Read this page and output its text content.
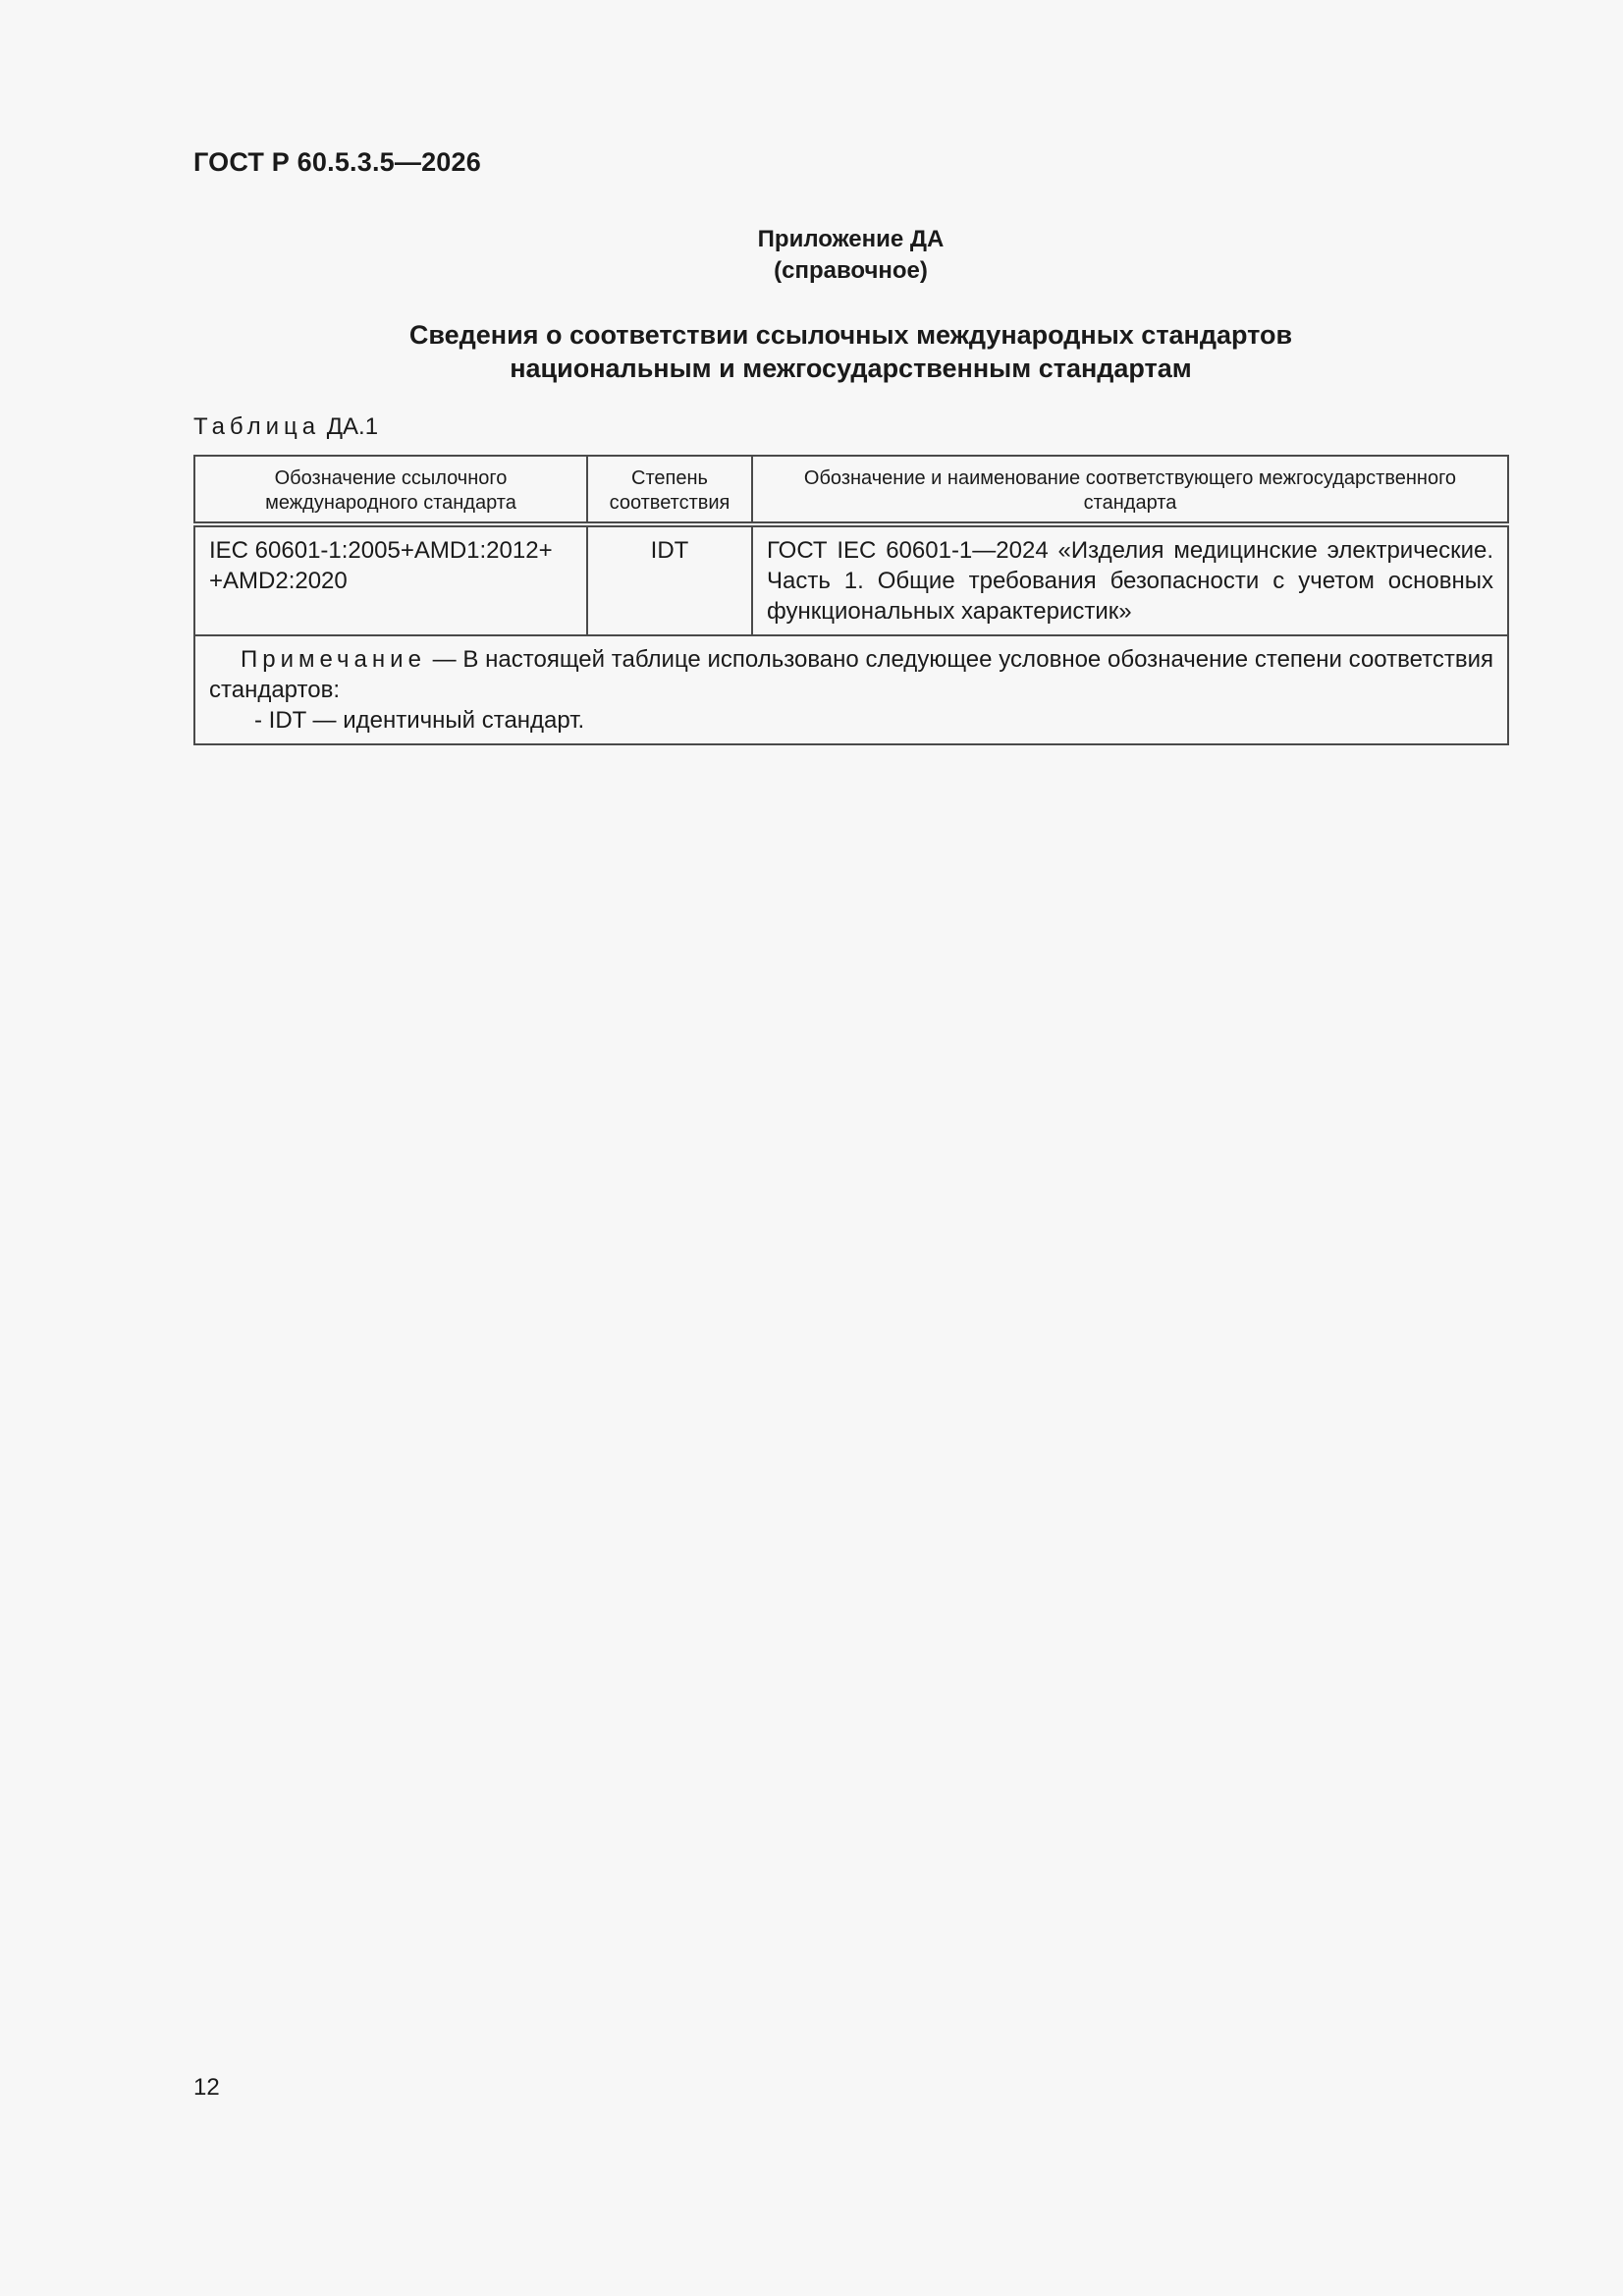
ГОСТ Р 60.5.3.5—2026
Приложение ДА
(справочное)
Сведения о соответствии ссылочных международных стандартов
национальным и межгосударственным стандартам
Таблица ДА.1
Обозначение ссылочного международного стандарта	Степень соответствия	Обозначение и наименование соответствующего межгосударственного стандарта

IEC 60601-1:2005+AMD1:2012+
+AMD2:2020	IDT	ГОСТ IEC 60601-1—2024 «Изделия медицинские электрические. Часть 1. Общие требования безопасности с учетом основных функциональных характеристик»

Примечание — В настоящей таблице использовано следующее условное обозначение степени соответствия стандартов:
- IDT — идентичный стандарт.		
12
